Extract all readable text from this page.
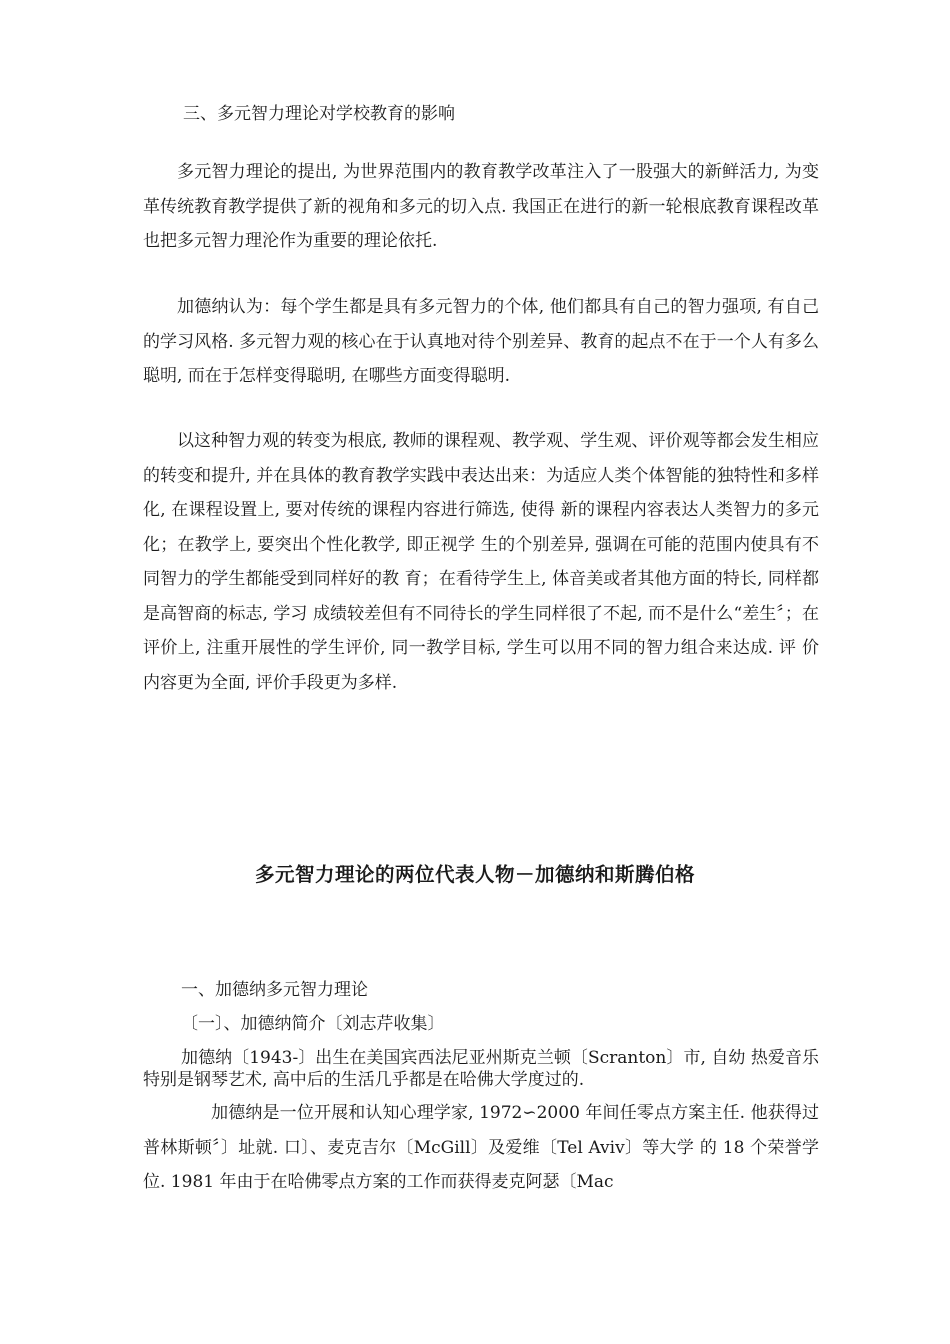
三、多元智力理论对学校教育的影响
多元智力理论的提出, 为世界范围内的教育教学改革注入了一股强大的新鲜活力, 为变革传统教育教学提供了新的视角和多元的切入点. 我国正在进行的新一轮根底教育课程改革也把多元智力理沦作为重要的理论依托.
加德纳认为：每个学生都是具有多元智力的个体, 他们都具有自己的智力强项, 有自己的学习风格. 多元智力观的核心在于认真地对待个别差异、教育的起点不在于一个人有多么聪明, 而在于怎样变得聪明, 在哪些方面变得聪明.
以这种智力观的转变为根底, 教师的课程观、教学观、学生观、评价观等都会发生相应的转变和提升, 并在具体的教育教学实践中表达出来：为适应人类个体智能的独特性和多样化, 在课程设置上, 要对传统的课程内容进行筛选, 使得 新的课程内容表达人类智力的多元化；在教学上, 要突出个性化教学, 即正视学 生的个别差异, 强调在可能的范围内使具有不同智力的学生都能受到同样好的教 育；在看待学生上, 体音美或者其他方面的特长, 同样都是高智商的标志, 学习 成绩较差但有不同待长的学生同样很了不起, 而不是什么“差生〞；在评价上, 注重开展性的学生评价, 同一教学目标, 学生可以用不同的智力组合来达成. 评 价内容更为全面, 评价手段更为多样.
多元智力理论的两位代表人物－加德纳和斯腾伯格
一、加德纳多元智力理论
〔一〕、加德纳简介〔刘志芹收集〕
加德纳〔1943-〕出生在美国宾西法尼亚州斯克兰顿〔Scranton〕市, 自幼 热爱音乐特别是钢琴艺术, 高中后的生活几乎都是在哈佛大学度过的.
加德纳是一位开展和认知心理学家, 1972∽2000 年间任零点方案主任. 他获得过普林斯顿〞〕址就. 口〕、麦克吉尔〔McGill〕及爱维〔Tel Aviv〕等大学 的 18 个荣誉学位. 1981 年由于在哈佛零点方案的工作而获得麦克阿瑟〔Mac
